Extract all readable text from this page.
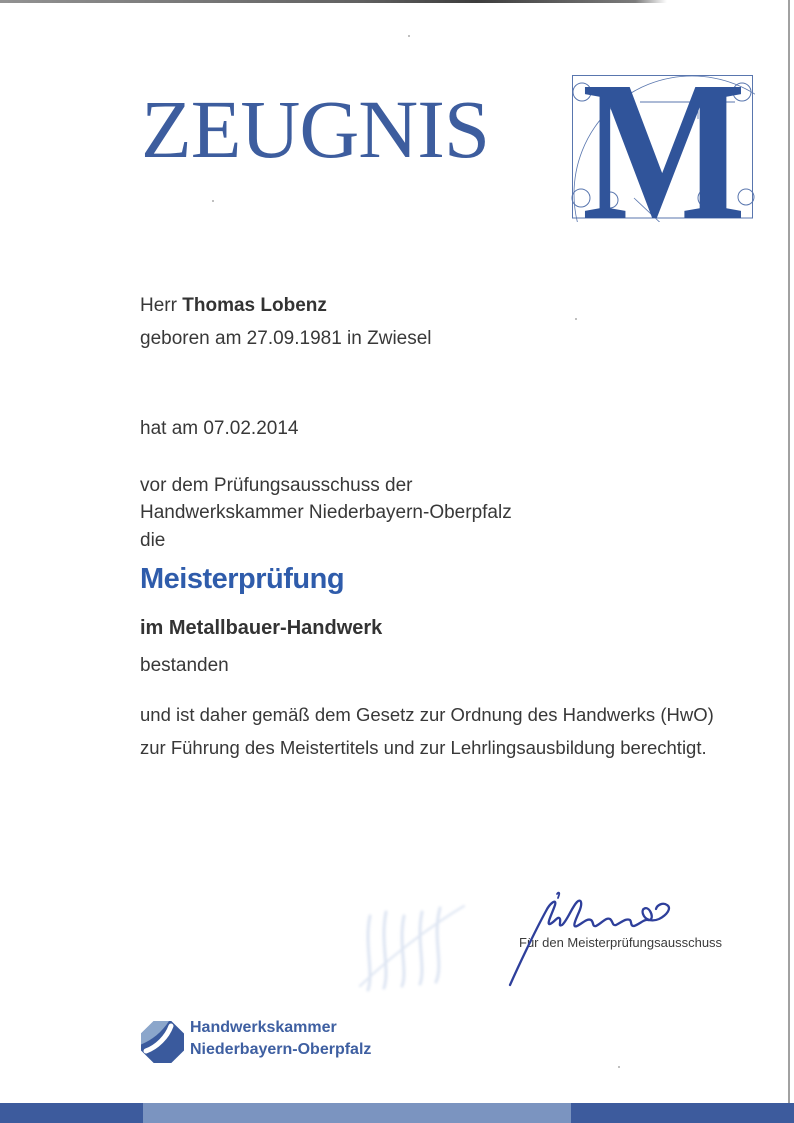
ZEUGNIS M
Herr Thomas Lobenz
geboren am 27.09.1981 in Zwiesel
hat am 07.02.2014
vor dem Prüfungsausschuss der
Handwerkskammer Niederbayern-Oberpfalz
die
Meisterprüfung
im Metallbauer-Handwerk
bestanden
und ist daher gemäß dem Gesetz zur Ordnung des Handwerks (HwO)
zur Führung des Meistertitels und zur Lehrlingsausbildung berechtigt.
Für den Meisterprüfungsausschuss
Handwerkskammer
Niederbayern-Oberpfalz
